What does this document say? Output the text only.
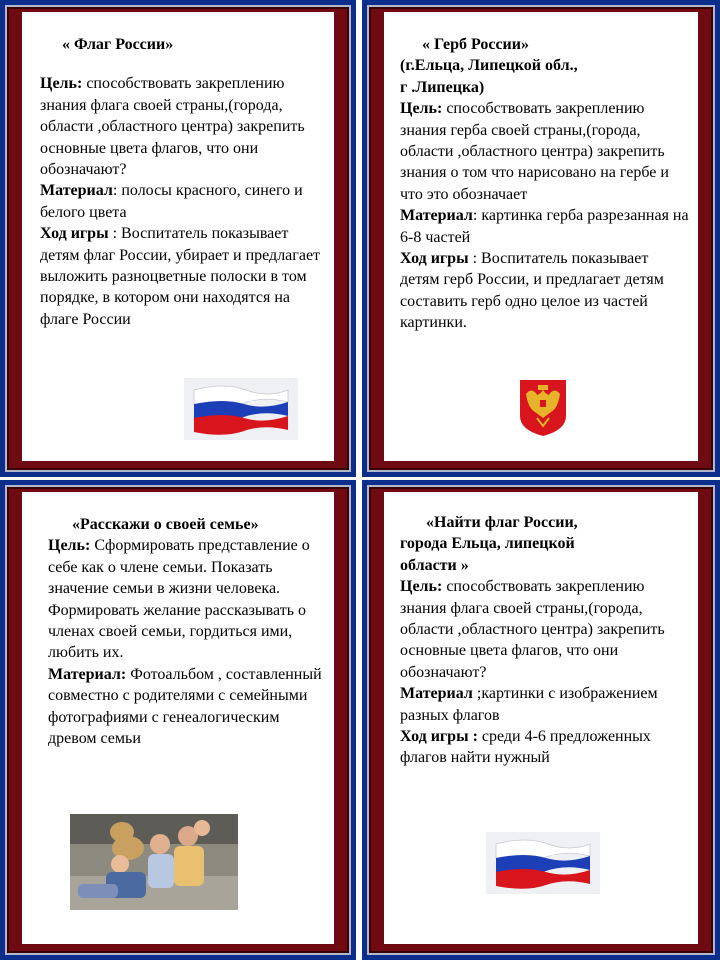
« Флаг России»

Цель: способствовать закреплению знания флага своей страны,(города, области ,областного центра) закрепить основные цвета флагов, что они обозначают?

Материал: полосы красного, синего и белого цвета

Ход игры : Воспитатель показывает детям флаг России, убирает и предлагает выложить разноцветные полоски в том порядке, в котором они находятся на флаге России

« Герб России»
(г.Ельца, Липецкой обл.,
г .Липецка)

Цель: способствовать закреплению знания герба своей страны,(города, области ,областного центра) закрепить знания о том что нарисовано на гербе и что это обозначает

Материал: картинка герба разрезанная на 6-8 частей

Ход игры : Воспитатель показывает детям герб России, и предлагает детям составить герб одно целое из частей картинки.

«Расскажи о своей семье»

Цель: Сформировать представление о себе как о члене семьи. Показать значение семьи в жизни человека. Формировать желание рассказывать о членах своей семьи, гордиться ими, любить их.

Материал: Фотоальбом , составленный совместно с родителями с семейными фотографиями с генеалогическим древом семьи

«Найти флаг России,
города Ельца, липецкой
области »

Цель: способствовать закреплению знания флага своей страны,(города, области ,областного центра) закрепить основные цвета флагов, что они обозначают?

Материал ;картинки с изображением разных флагов

Ход игры : среди 4-6 предложенных флагов найти нужный
